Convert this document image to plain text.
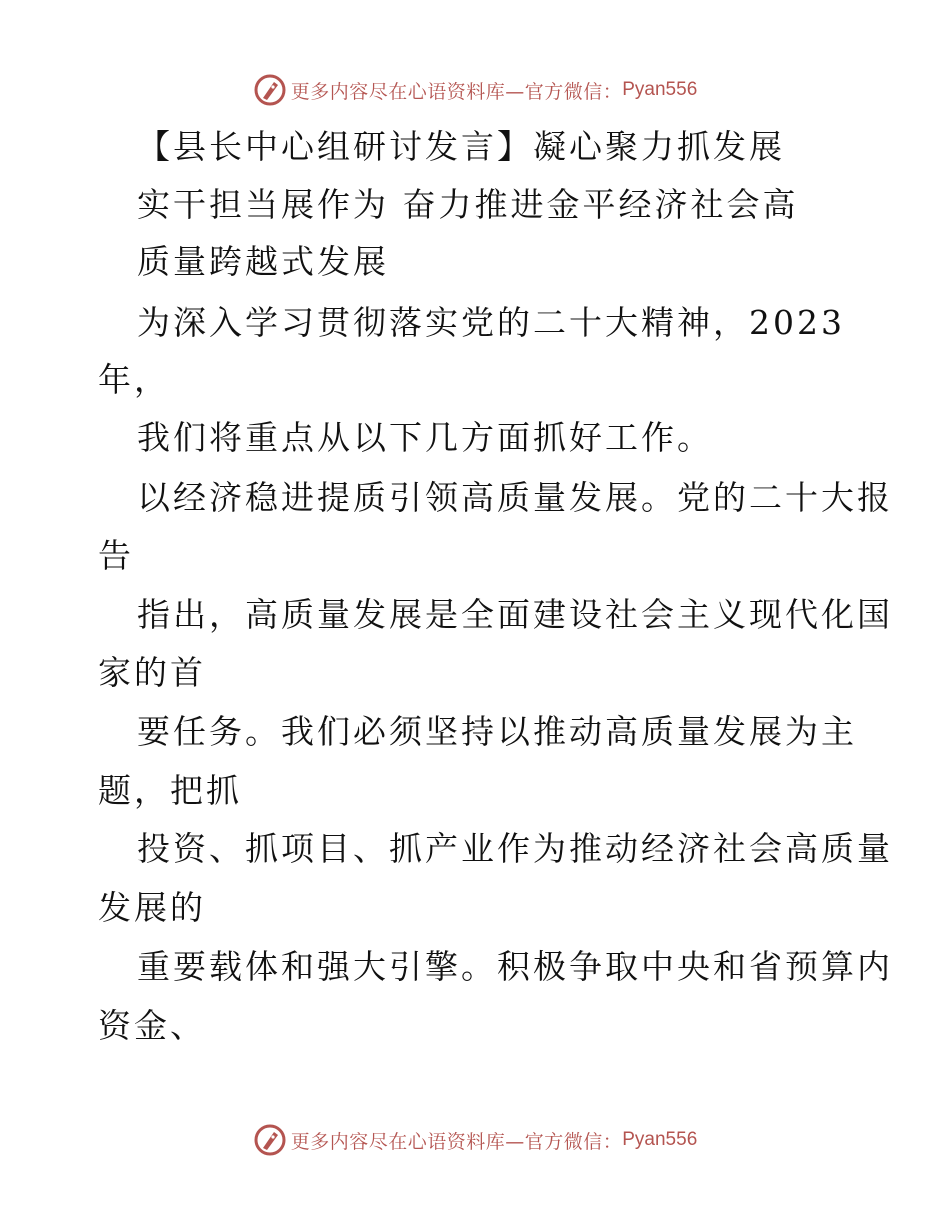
更多内容尽在心语资料库—官方微信： Pyan556
【县长中心组研讨发言】凝心聚力抓发展
实干担当展作为 奋力推进金平经济社会高
质量跨越式发展
为深入学习贯彻落实党的二十大精神，2023
年，
我们将重点从以下几方面抓好工作。
以经济稳进提质引领高质量发展。党的二十大报
告
指出，高质量发展是全面建设社会主义现代化国
家的首
要任务。我们必须坚持以推动高质量发展为主
题，把抓
投资、抓项目、抓产业作为推动经济社会高质量
发展的
重要载体和强大引擎。积极争取中央和省预算内
资金、
更多内容尽在心语资料库—官方微信： Pyan556
